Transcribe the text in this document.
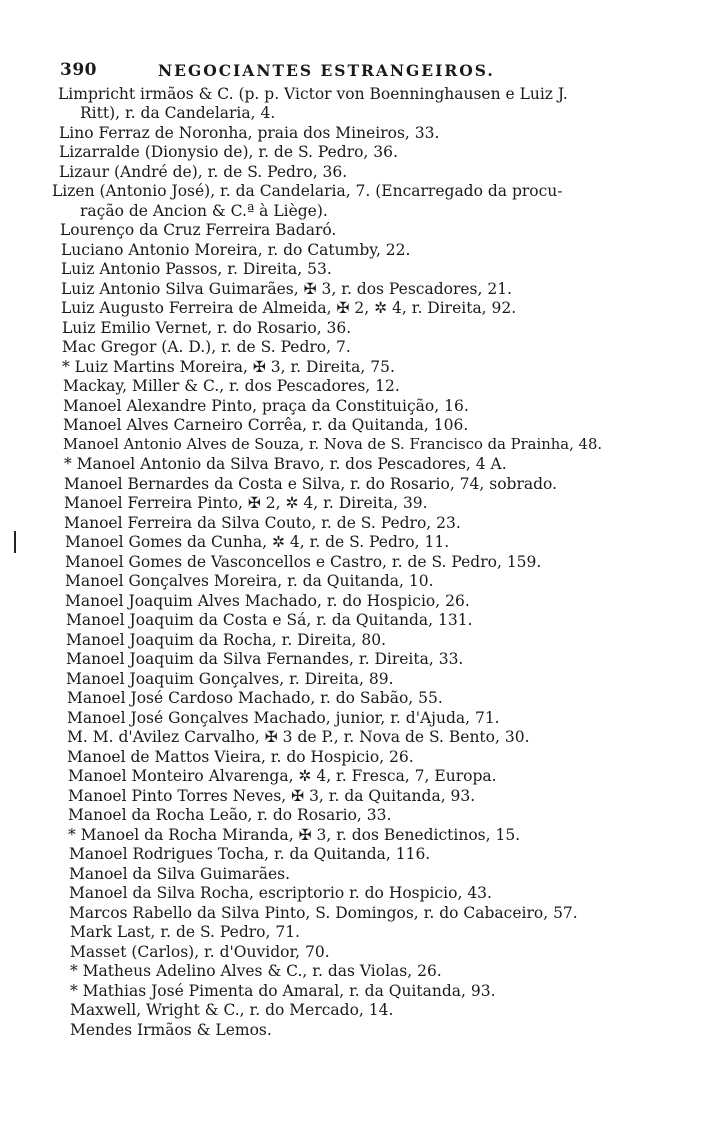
390	NEGOCIANTES ESTRANGEIROS.
Limpricht irmãos & C. (p. p. Victor von Boenninghausen e Luiz J.
Ritt), r. da Candelaria, 4.
Lino Ferraz de Noronha, praia dos Mineiros, 33.
Lizarralde (Dionysio de), r. de S. Pedro, 36.
Lizaur (André de), r. de S. Pedro, 36.
Lizen (Antonio José), r. da Candelaria, 7. (Encarregado da procu-
ração de Ancion & C.ª à Liège).
Lourenço da Cruz Ferreira Badaró.
Luciano Antonio Moreira, r. do Catumby, 22.
Luiz Antonio Passos, r. Direita, 53.
Luiz Antonio Silva Guimarães, ✠ 3, r. dos Pescadores, 21.
Luiz Augusto Ferreira de Almeida, ✠ 2, ✲ 4, r. Direita, 92.
Luiz Emilio Vernet, r. do Rosario, 36.
Mac Gregor (A. D.), r. de S. Pedro, 7.
* Luiz Martins Moreira, ✠ 3, r. Direita, 75.
Mackay, Miller & C., r. dos Pescadores, 12.
Manoel Alexandre Pinto, praça da Constituição, 16.
Manoel Alves Carneiro Corrêa, r. da Quitanda, 106.
Manoel Antonio Alves de Souza, r. Nova de S. Francisco da Prainha, 48.
* Manoel Antonio da Silva Bravo, r. dos Pescadores, 4 A.
Manoel Bernardes da Costa e Silva, r. do Rosario, 74, sobrado.
Manoel Ferreira Pinto, ✠ 2, ✲ 4, r. Direita, 39.
Manoel Ferreira da Silva Couto, r. de S. Pedro, 23.
Manoel Gomes da Cunha, ✲ 4, r. de S. Pedro, 11.
Manoel Gomes de Vasconcellos e Castro, r. de S. Pedro, 159.
Manoel Gonçalves Moreira, r. da Quitanda, 10.
Manoel Joaquim Alves Machado, r. do Hospicio, 26.
Manoel Joaquim da Costa e Sá, r. da Quitanda, 131.
Manoel Joaquim da Rocha, r. Direita, 80.
Manoel Joaquim da Silva Fernandes, r. Direita, 33.
Manoel Joaquim Gonçalves, r. Direita, 89.
Manoel José Cardoso Machado, r. do Sabão, 55.
Manoel José Gonçalves Machado, junior, r. d'Ajuda, 71.
M. M. d'Avilez Carvalho, ✠ 3 de P., r. Nova de S. Bento, 30.
Manoel de Mattos Vieira, r. do Hospicio, 26.
Manoel Monteiro Alvarenga, ✲ 4, r. Fresca, 7, Europa.
Manoel Pinto Torres Neves, ✠ 3, r. da Quitanda, 93.
Manoel da Rocha Leão, r. do Rosario, 33.
* Manoel da Rocha Miranda, ✠ 3, r. dos Benedictinos, 15.
Manoel Rodrigues Tocha, r. da Quitanda, 116.
Manoel da Silva Guimarães.
Manoel da Silva Rocha, escriptorio r. do Hospicio, 43.
Marcos Rabello da Silva Pinto, S. Domingos, r. do Cabaceiro, 57.
Mark Last, r. de S. Pedro, 71.
Masset (Carlos), r. d'Ouvidor, 70.
* Matheus Adelino Alves & C., r. das Violas, 26.
* Mathias José Pimenta do Amaral, r. da Quitanda, 93.
Maxwell, Wright & C., r. do Mercado, 14.
Mendes Irmãos & Lemos.
